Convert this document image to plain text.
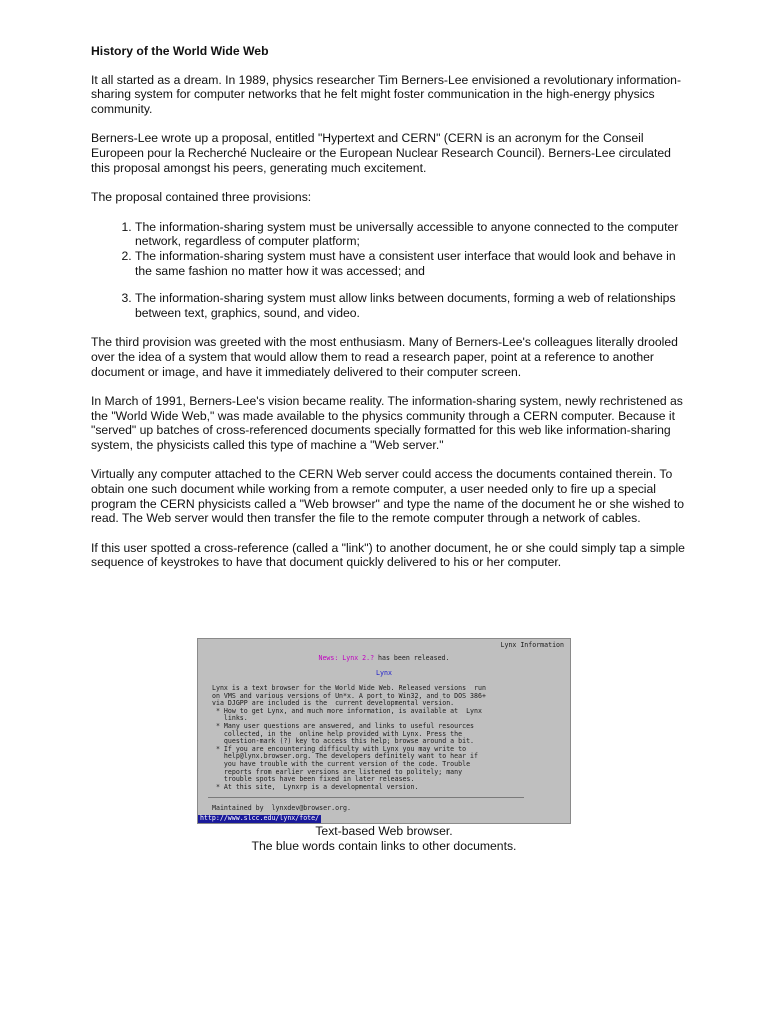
History of the World Wide Web

It all started as a dream. In 1989, physics researcher Tim Berners-Lee envisioned a revolutionary information-sharing system for computer networks that he felt might foster communication in the high-energy physics community.

Berners-Lee wrote up a proposal, entitled "Hypertext and CERN" (CERN is an acronym for the Conseil Europeen pour la Recherché Nucleaire or the European Nuclear Research Council). Berners-Lee circulated this proposal amongst his peers, generating much excitement.

The proposal contained three provisions:

1. The information-sharing system must be universally accessible to anyone connected to the computer network, regardless of computer platform;
2. The information-sharing system must have a consistent user interface that would look and behave in the same fashion no matter how it was accessed; and
3. The information-sharing system must allow links between documents, forming a web of relationships between text, graphics, sound, and video.

The third provision was greeted with the most enthusiasm. Many of Berners-Lee's colleagues literally drooled over the idea of a system that would allow them to read a research paper, point at a reference to another document or image, and have it immediately delivered to their computer screen.

In March of 1991, Berners-Lee's vision became reality. The information-sharing system, newly rechristened as the "World Wide Web," was made available to the physics community through a CERN computer. Because it "served" up batches of cross-referenced documents specially formatted for this web like information-sharing system, the physicists called this type of machine a "Web server."

Virtually any computer attached to the CERN Web server could access the documents contained therein. To obtain one such document while working from a remote computer, a user needed only to fire up a special program the CERN physicists called a "Web browser" and type the name of the document he or she wished to read. The Web server would then transfer the file to the remote computer through a network of cables.

If this user spotted a cross-reference (called a "link") to another document, he or she could simply tap a simple sequence of keystrokes to have that document quickly delivered to his or her computer.

Lynx Information
News: Lynx 2.? has been released.
Lynx
Lynx is a text browser for the World Wide Web. Released versions  run
on VMS and various versions of Un*x. A port to Win32, and to DOS 386+
via DJGPP are included is the  current developmental version.
* How to get Lynx, and much more information, is available at  Lynx
links.
* Many user questions are answered, and links to useful resources
collected, in the  online help provided with Lynx. Press the
question-mark (?) key to access this help; browse around a bit.
* If you are encountering difficulty with Lynx you may write to
help@lynx.browser.org. The developers definitely want to hear if
you have trouble with the current version of the code. Trouble
reports from earlier versions are listened to politely; many
trouble spots have been fixed in later releases.
* At this site,  Lynxrp is a developmental version.
Maintained by  lynxdev@browser.org.
http://www.slcc.edu/lynx/fote/
Text-based Web browser.
The blue words contain links to other documents.
